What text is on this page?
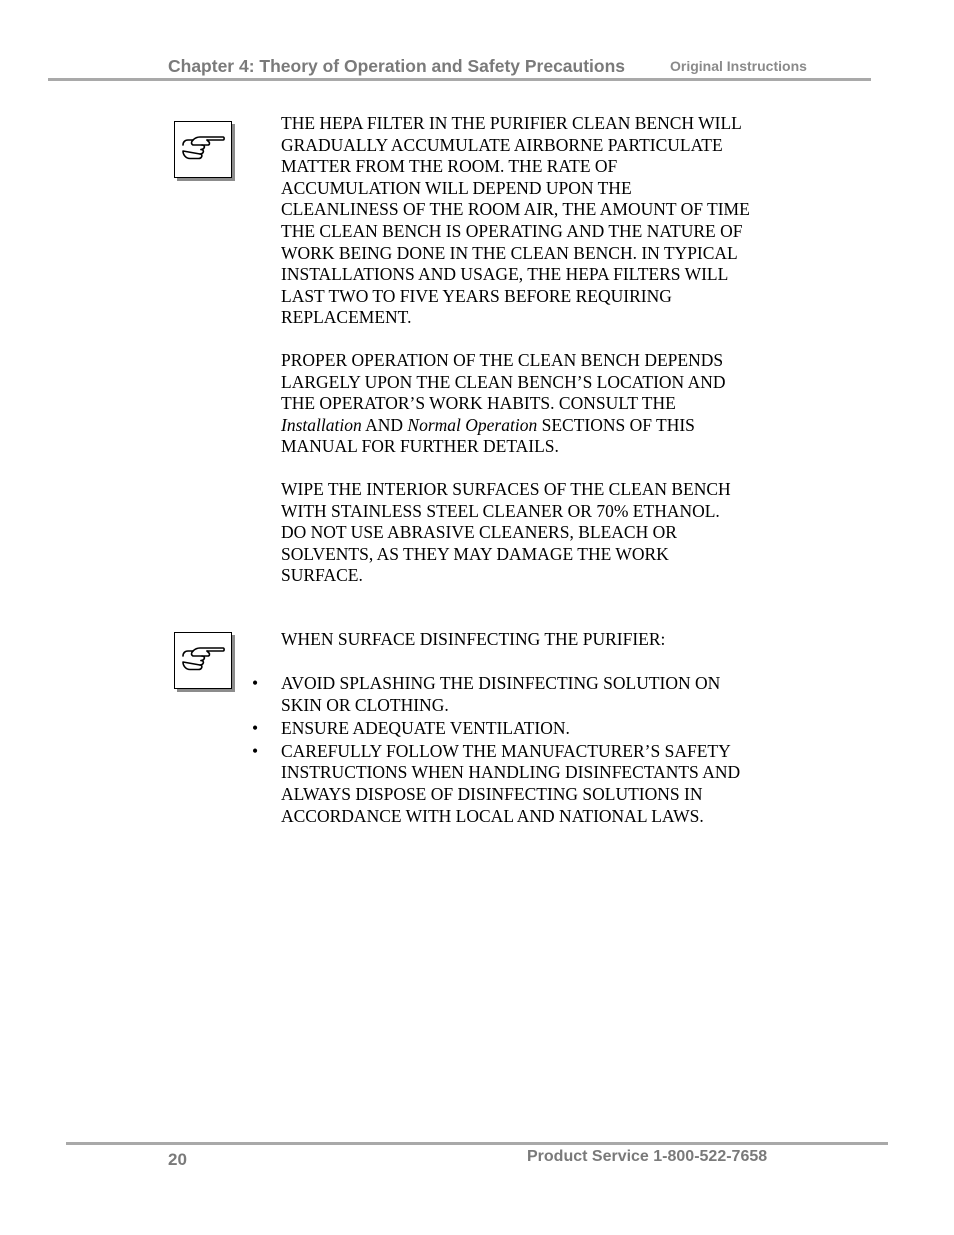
Chapter 4: Theory of Operation and Safety Precautions	Original Instructions

THE HEPA FILTER IN THE PURIFIER CLEAN BENCH WILL
GRADUALLY ACCUMULATE AIRBORNE PARTICULATE
MATTER FROM THE ROOM. THE RATE OF
ACCUMULATION WILL DEPEND UPON THE
CLEANLINESS OF THE ROOM AIR, THE AMOUNT OF TIME
THE CLEAN BENCH IS OPERATING AND THE NATURE OF
WORK BEING DONE IN THE CLEAN BENCH. IN TYPICAL
INSTALLATIONS AND USAGE, THE HEPA FILTERS WILL
LAST TWO TO FIVE YEARS BEFORE REQUIRING
REPLACEMENT.

PROPER OPERATION OF THE CLEAN BENCH DEPENDS
LARGELY UPON THE CLEAN BENCH’S LOCATION AND
THE OPERATOR’S WORK HABITS. CONSULT THE
Installation AND Normal Operation SECTIONS OF THIS
MANUAL FOR FURTHER DETAILS.

WIPE THE INTERIOR SURFACES OF THE CLEAN BENCH
WITH STAINLESS STEEL CLEANER OR 70% ETHANOL.
DO NOT USE ABRASIVE CLEANERS, BLEACH OR
SOLVENTS, AS THEY MAY DAMAGE THE WORK
SURFACE.

WHEN SURFACE DISINFECTING THE PURIFIER:

• AVOID SPLASHING THE DISINFECTING SOLUTION ON
SKIN OR CLOTHING.
• ENSURE ADEQUATE VENTILATION.
• CAREFULLY FOLLOW THE MANUFACTURER’S SAFETY
INSTRUCTIONS WHEN HANDLING DISINFECTANTS AND
ALWAYS DISPOSE OF DISINFECTING SOLUTIONS IN
ACCORDANCE WITH LOCAL AND NATIONAL LAWS.
20	Product Service 1-800-522-7658
